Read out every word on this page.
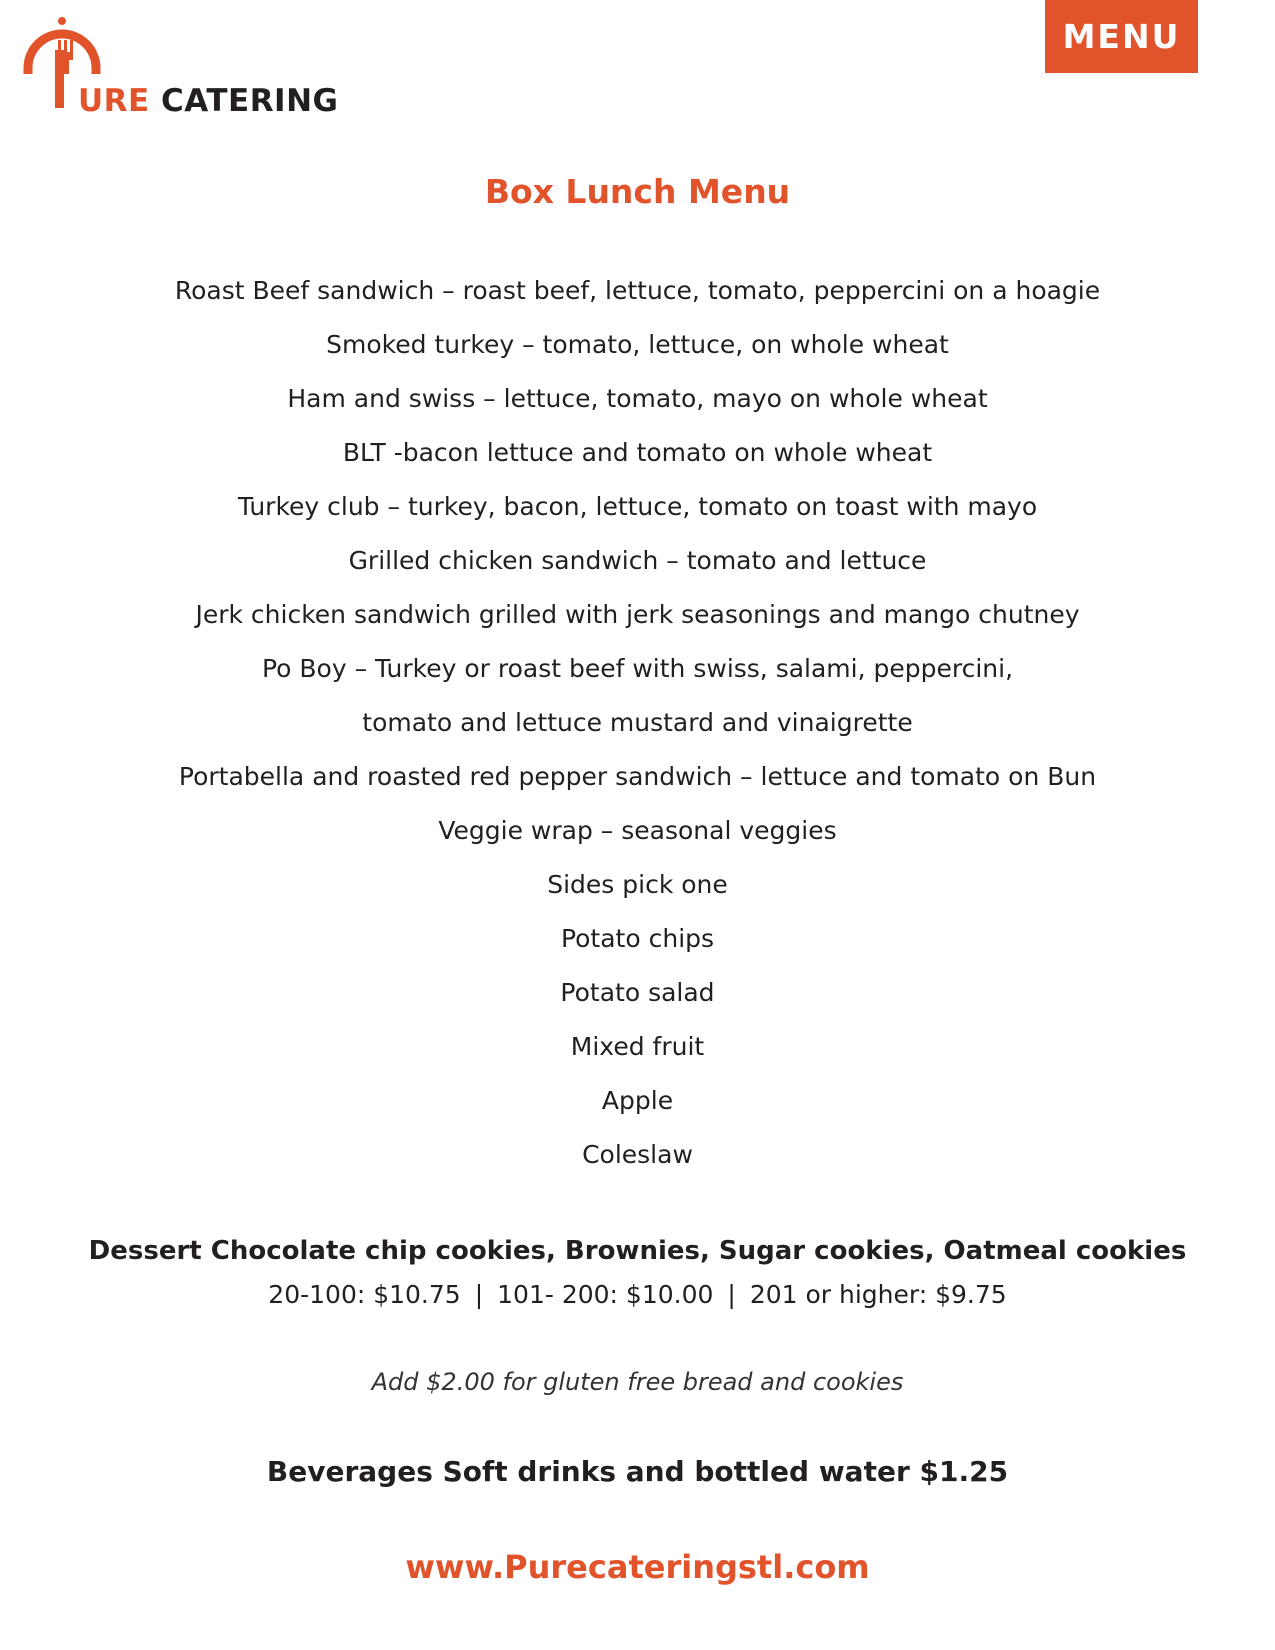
URE CATERING
MENU
Box Lunch Menu
Roast Beef sandwich – roast beef, lettuce, tomato, peppercini on a hoagie
Smoked turkey – tomato, lettuce, on whole wheat
Ham and swiss – lettuce, tomato, mayo on whole wheat
BLT -bacon lettuce and tomato on whole wheat
Turkey club – turkey, bacon, lettuce, tomato on toast with mayo
Grilled chicken sandwich – tomato and lettuce
Jerk chicken sandwich grilled with jerk seasonings and mango chutney
Po Boy – Turkey or roast beef with swiss, salami, peppercini,
tomato and lettuce mustard and vinaigrette
Portabella and roasted red pepper sandwich – lettuce and tomato on Bun
Veggie wrap – seasonal veggies
Sides pick one
Potato chips
Potato salad
Mixed fruit
Apple
Coleslaw
Dessert Chocolate chip cookies, Brownies, Sugar cookies, Oatmeal cookies
20-100: $10.75 | 101- 200: $10.00 | 201 or higher: $9.75
Add $2.00 for gluten free bread and cookies
Beverages Soft drinks and bottled water $1.25
www.Purecateringstl.com
